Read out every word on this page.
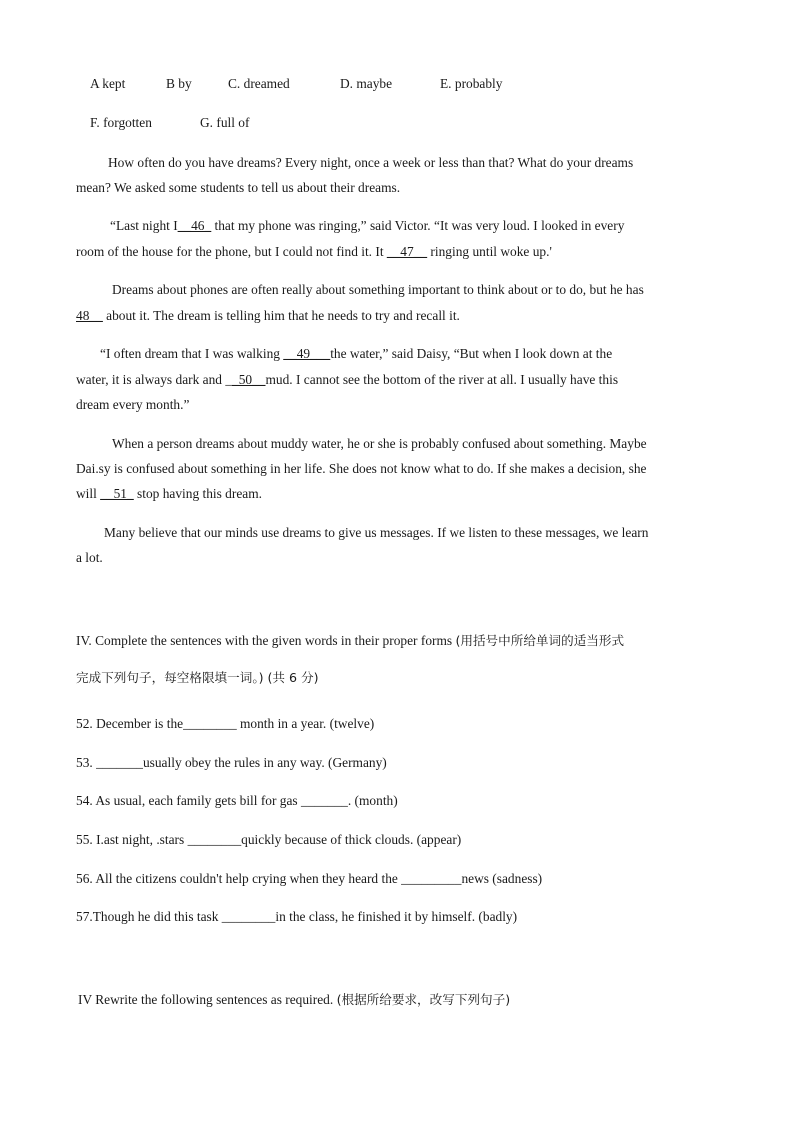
A kept	B by	C. dreamed	D. maybe	E. probably
F. forgotten	G. full of
How often do you have dreams? Every night, once a week or less than that? What do your dreams
mean? We asked some students to tell us about their dreams.
“Last night I__46_ that my phone was ringing,” said Victor. “It was very loud. I looked in every
room of the house for the phone, but I could not find it. It __47__ ringing until woke up.'
Dreams about phones are often really about something important to think about or to do, but he has
48__ about it. The dream is telling him that he needs to try and recall it.
“I often dream that I was walking __49___the water,” said Daisy, “But when I look down at the
water, it is always dark and __50__mud. I cannot see the bottom of the river at all. I usually have this
dream every month.”
When a person dreams about muddy water, he or she is probably confused about something. Maybe
Dai.sy is confused about something in her life. She does not know what to do. If she makes a decision, she
will __51_ stop having this dream.
Many believe that our minds use dreams to give us messages. If we listen to these messages, we learn
a lot.
IV. Complete the sentences with the given words in their proper forms (用括号中所给单词的适当形式
完成下列句子，每空格限填一词。) (共 6 分)
52. December is the________ month in a year. (twelve)
53. _______usually obey the rules in any way. (Germany)
54. As usual, each family gets bill for gas _______. (month)
55. I.ast night, .stars ________quickly because of thick clouds. (appear)
56. All the citizens couldn't help crying when they heard the _________news (sadness)
57.Though he did this task ________in the class, he finished it by himself. (badly)
IV Rewrite the following sentences as required. (根据所给要求，改写下列句子)
